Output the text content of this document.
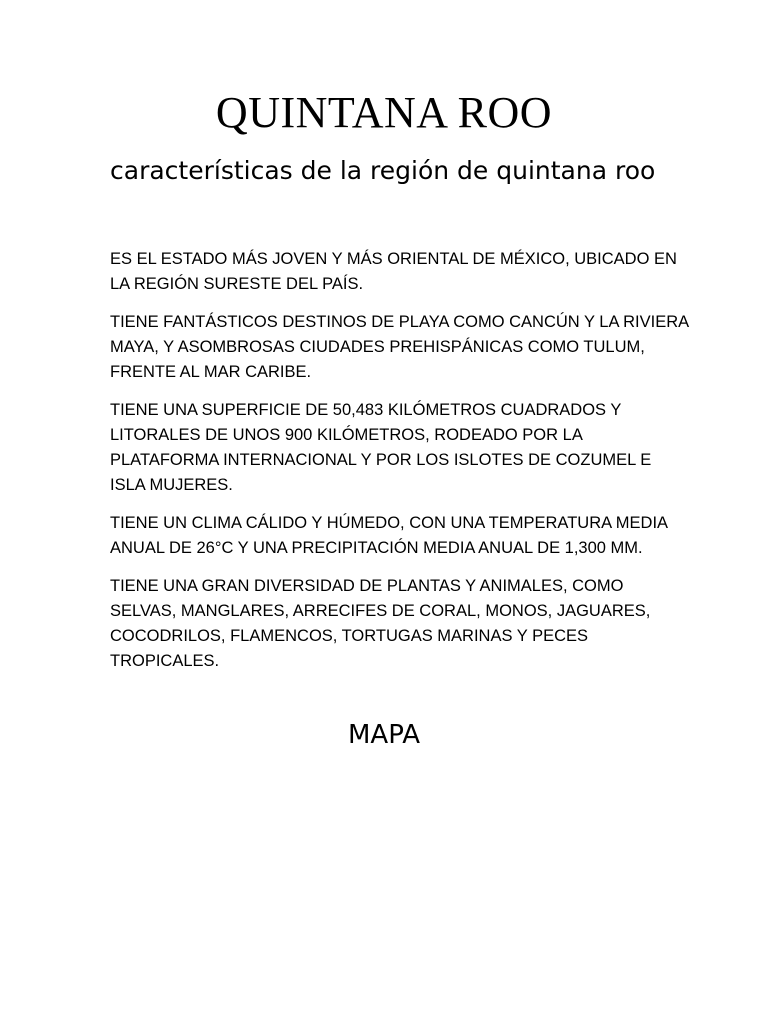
QUINTANA ROO
características de la región de quintana roo

ES EL ESTADO MÁS JOVEN Y MÁS ORIENTAL DE MÉXICO, UBICADO EN LA REGIÓN SURESTE DEL PAÍS.

TIENE FANTÁSTICOS DESTINOS DE PLAYA COMO CANCÚN Y LA RIVIERA MAYA, Y ASOMBROSAS CIUDADES PREHISPÁNICAS COMO TULUM, FRENTE AL MAR CARIBE.

TIENE UNA SUPERFICIE DE 50,483 KILÓMETROS CUADRADOS Y LITORALES DE UNOS 900 KILÓMETROS, RODEADO POR LA PLATAFORMA INTERNACIONAL Y POR LOS ISLOTES DE COZUMEL E ISLA MUJERES.

TIENE UN CLIMA CÁLIDO Y HÚMEDO, CON UNA TEMPERATURA MEDIA ANUAL DE 26°C Y UNA PRECIPITACIÓN MEDIA ANUAL DE 1,300 MM.

TIENE UNA GRAN DIVERSIDAD DE PLANTAS Y ANIMALES, COMO SELVAS, MANGLARES, ARRECIFES DE CORAL, MONOS, JAGUARES, COCODRILOS, FLAMENCOS, TORTUGAS MARINAS Y PECES TROPICALES.

MAPA
